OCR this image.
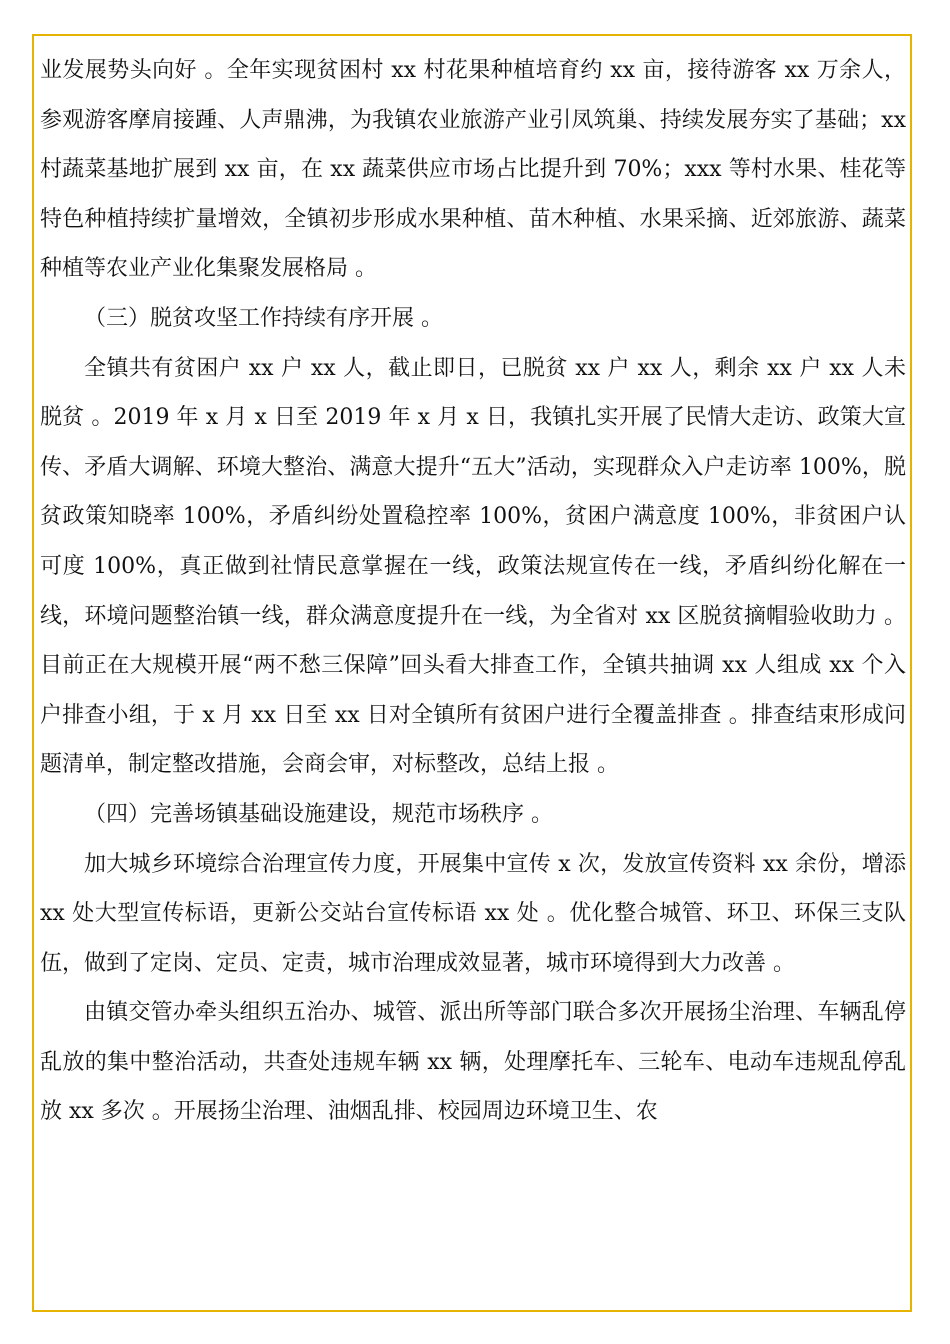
业发展势头向好 。全年实现贫困村 xx 村花果种植培育约 xx 亩，接待游客 xx 万余人，参观游客摩肩接踵、人声鼎沸，为我镇农业旅游产业引凤筑巢、持续发展夯实了基础；xx 村蔬菜基地扩展到 xx 亩，在 xx 蔬菜供应市场占比提升到 70%；xxx 等村水果、桂花等特色种植持续扩量增效，全镇初步形成水果种植、苗木种植、水果采摘、近郊旅游、蔬菜种植等农业产业化集聚发展格局 。

（三）脱贫攻坚工作持续有序开展 。

全镇共有贫困户 xx 户 xx 人，截止即日，已脱贫 xx 户 xx 人，剩余 xx 户 xx 人未脱贫 。2019 年 x 月 x 日至 2019 年 x 月 x 日，我镇扎实开展了民情大走访、政策大宣传、矛盾大调解、环境大整治、满意大提升“五大”活动，实现群众入户走访率 100%，脱贫政策知晓率 100%，矛盾纠纷处置稳控率 100%，贫困户满意度 100%，非贫困户认可度 100%，真正做到社情民意掌握在一线，政策法规宣传在一线，矛盾纠纷化解在一线，环境问题整治镇一线，群众满意度提升在一线，为全省对 xx 区脱贫摘帽验收助力 。目前正在大规模开展“两不愁三保障”回头看大排查工作，全镇共抽调 xx 人组成 xx 个入户排查小组，于 x 月 xx 日至 xx 日对全镇所有贫困户进行全覆盖排查 。排查结束形成问题清单，制定整改措施，会商会审，对标整改，总结上报 。

（四）完善场镇基础设施建设，规范市场秩序 。

加大城乡环境综合治理宣传力度，开展集中宣传 x 次，发放宣传资料 xx 余份，增添 xx 处大型宣传标语，更新公交站台宣传标语 xx 处 。优化整合城管、环卫、环保三支队伍，做到了定岗、定员、定责，城市治理成效显著，城市环境得到大力改善 。

由镇交管办牵头组织五治办、城管、派出所等部门联合多次开展扬尘治理、车辆乱停乱放的集中整治活动，共查处违规车辆 xx 辆，处理摩托车、三轮车、电动车违规乱停乱放 xx 多次 。开展扬尘治理、油烟乱排、校园周边环境卫生、农
